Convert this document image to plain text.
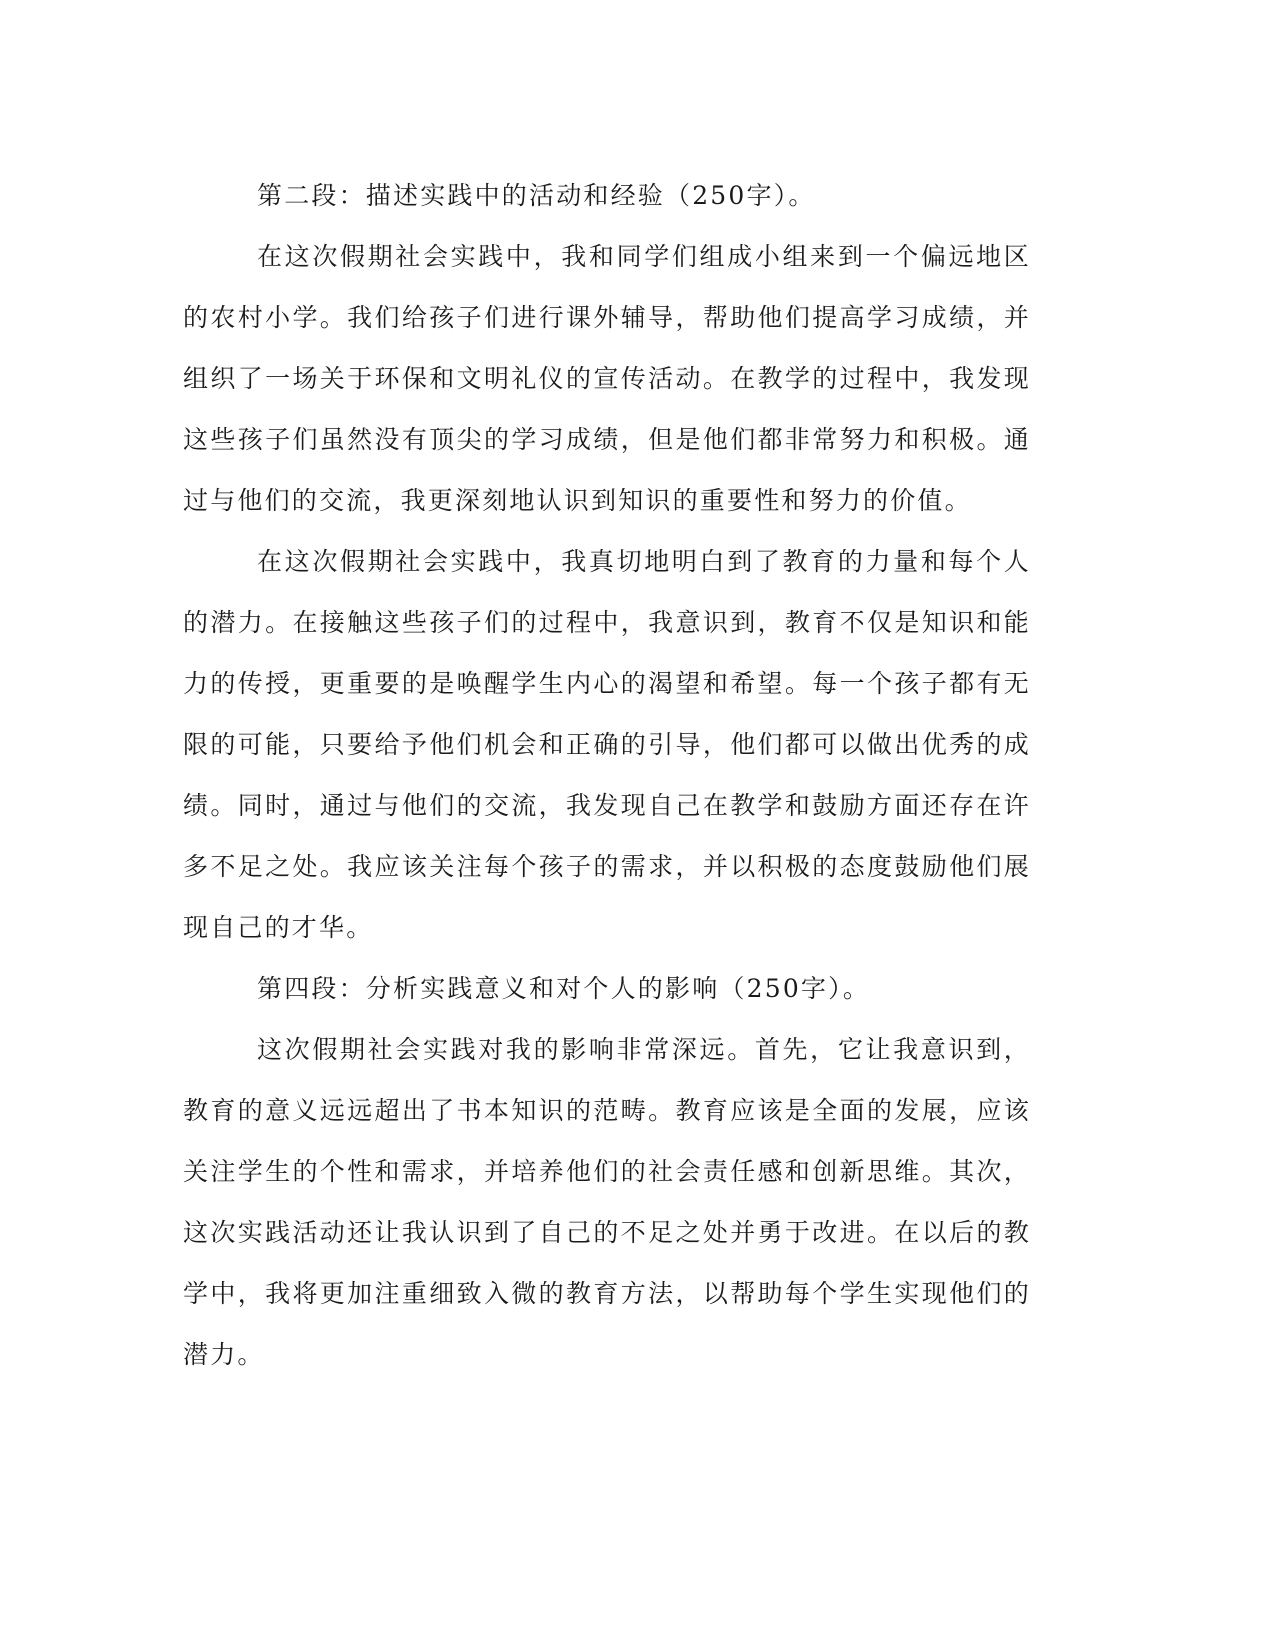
第二段：描述实践中的活动和经验（250字）。

在这次假期社会实践中，我和同学们组成小组来到一个偏远地区的农村小学。我们给孩子们进行课外辅导，帮助他们提高学习成绩，并组织了一场关于环保和文明礼仪的宣传活动。在教学的过程中，我发现这些孩子们虽然没有顶尖的学习成绩，但是他们都非常努力和积极。通过与他们的交流，我更深刻地认识到知识的重要性和努力的价值。

在这次假期社会实践中，我真切地明白到了教育的力量和每个人的潜力。在接触这些孩子们的过程中，我意识到，教育不仅是知识和能力的传授，更重要的是唤醒学生内心的渴望和希望。每一个孩子都有无限的可能，只要给予他们机会和正确的引导，他们都可以做出优秀的成绩。同时，通过与他们的交流，我发现自己在教学和鼓励方面还存在许多不足之处。我应该关注每个孩子的需求，并以积极的态度鼓励他们展现自己的才华。

第四段：分析实践意义和对个人的影响（250字）。

这次假期社会实践对我的影响非常深远。首先，它让我意识到，教育的意义远远超出了书本知识的范畴。教育应该是全面的发展，应该关注学生的个性和需求，并培养他们的社会责任感和创新思维。其次，这次实践活动还让我认识到了自己的不足之处并勇于改进。在以后的教学中，我将更加注重细致入微的教育方法，以帮助每个学生实现他们的潜力。
